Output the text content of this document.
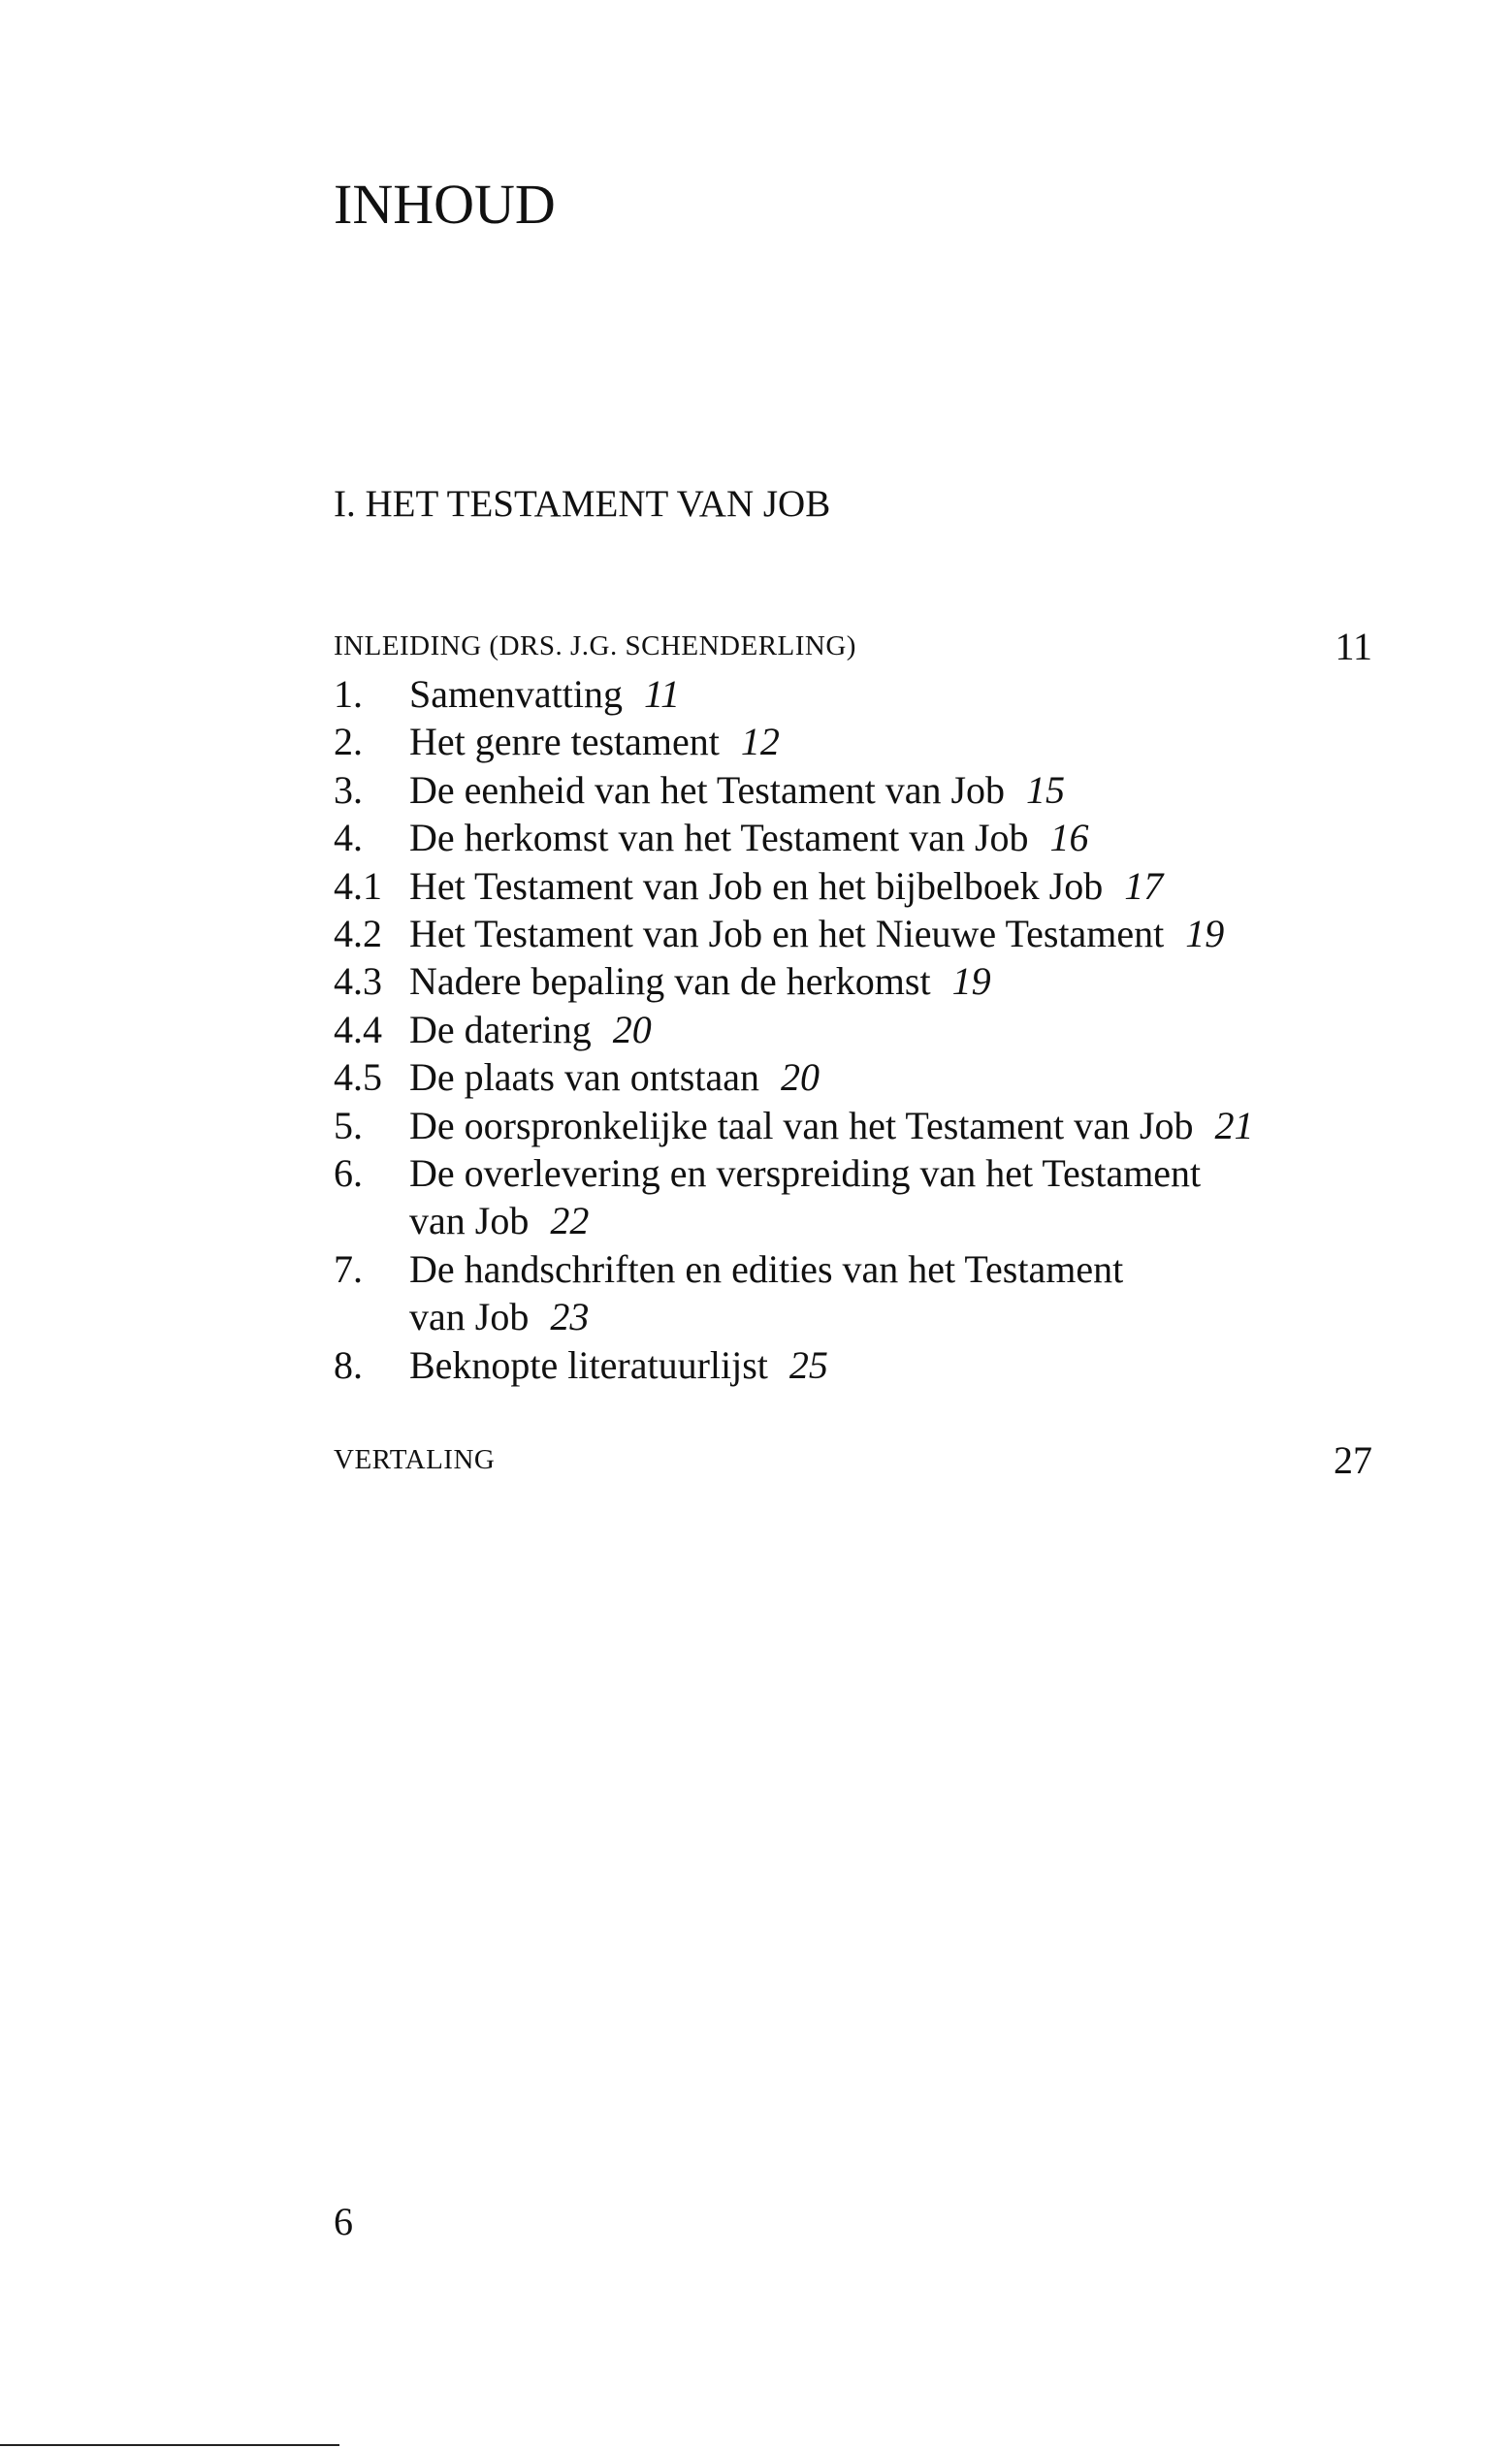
INHOUD
I. HET TESTAMENT VAN JOB
INLEIDING (DRS. J.G. SCHENDERLING)	11
1. Samenvatting 11
2. Het genre testament 12
3. De eenheid van het Testament van Job 15
4. De herkomst van het Testament van Job 16
4.1 Het Testament van Job en het bijbelboek Job 17
4.2 Het Testament van Job en het Nieuwe Testament 19
4.3 Nadere bepaling van de herkomst 19
4.4 De datering 20
4.5 De plaats van ontstaan 20
5. De oorspronkelijke taal van het Testament van Job 21
6. De overlevering en verspreiding van het Testament
van Job 22
7. De handschriften en edities van het Testament
van Job 23
8. Beknopte literatuurlijst 25
VERTALING	27
6
